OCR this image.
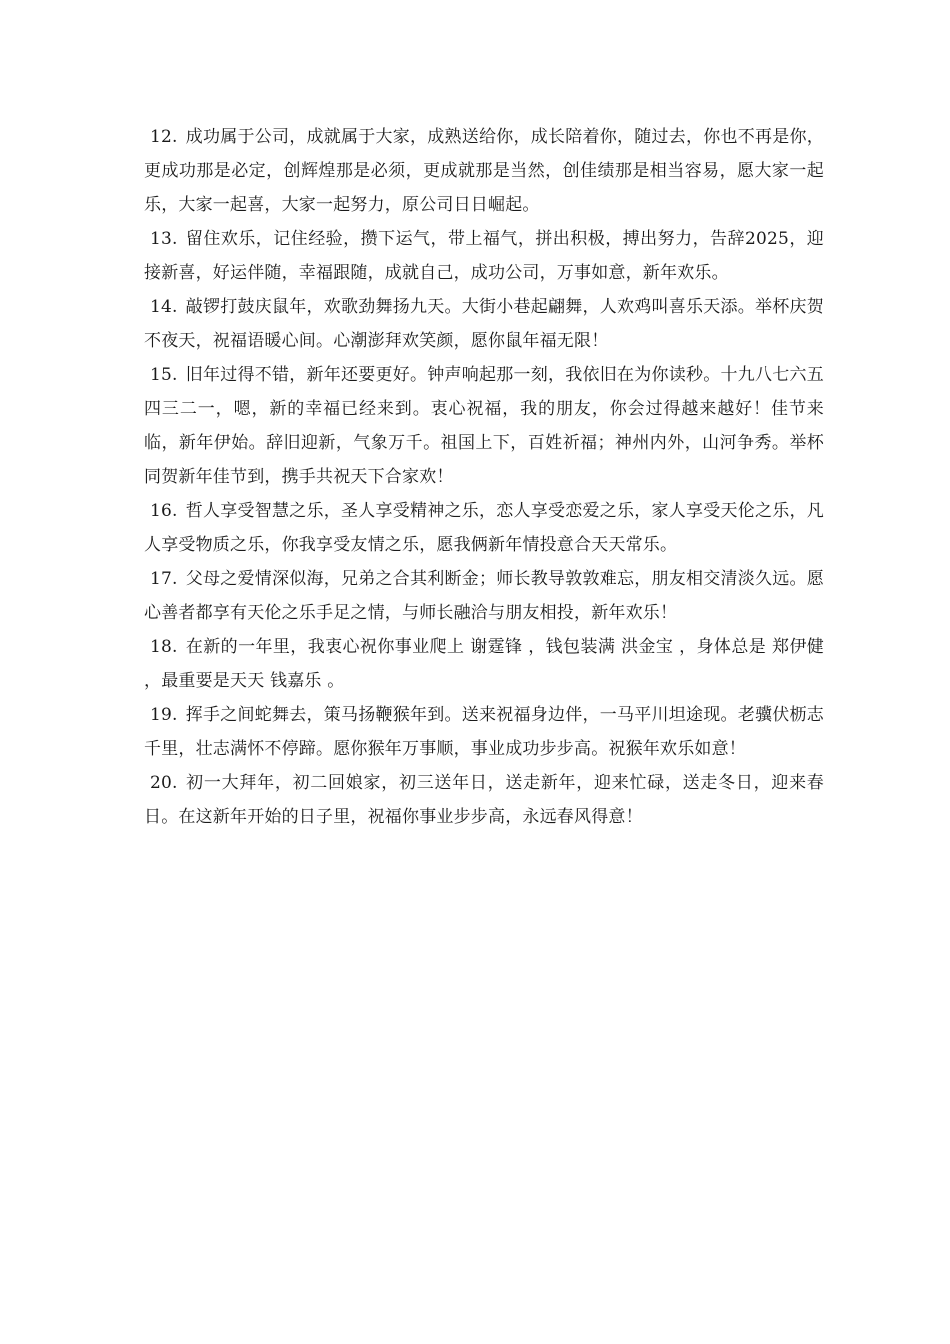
12. 成功属于公司，成就属于大家，成熟送给你，成长陪着你，随过去，你也不再是你，更成功那是必定，创辉煌那是必须，更成就那是当然，创佳绩那是相当容易，愿大家一起乐，大家一起喜，大家一起努力，原公司日日崛起。

13. 留住欢乐，记住经验，攒下运气，带上福气，拼出积极，搏出努力，告辞2025，迎接新喜，好运伴随，幸福跟随，成就自己，成功公司，万事如意，新年欢乐。

14. 敲锣打鼓庆鼠年，欢歌劲舞扬九天。大街小巷起翩舞，人欢鸡叫喜乐天添。举杯庆贺不夜天，祝福语暖心间。心潮澎拜欢笑颜，愿你鼠年福无限！

15. 旧年过得不错，新年还要更好。钟声响起那一刻，我依旧在为你读秒。十九八七六五四三二一，嗯，新的幸福已经来到。衷心祝福，我的朋友，你会过得越来越好！佳节来临，新年伊始。辞旧迎新，气象万千。祖国上下，百姓祈福；神州内外，山河争秀。举杯同贺新年佳节到，携手共祝天下合家欢！

16. 哲人享受智慧之乐，圣人享受精神之乐，恋人享受恋爱之乐，家人享受天伦之乐，凡人享受物质之乐，你我享受友情之乐，愿我俩新年情投意合天天常乐。

17. 父母之爱情深似海，兄弟之合其利断金；师长教导敦敦难忘，朋友相交清淡久远。愿心善者都享有天伦之乐手足之情，与师长融洽与朋友相投，新年欢乐！

18. 在新的一年里，我衷心祝你事业爬上 谢霆锋 ，钱包装满 洪金宝 ，身体总是 郑伊健 ，最重要是天天 钱嘉乐 。

19. 挥手之间蛇舞去，策马扬鞭猴年到。送来祝福身边伴，一马平川坦途现。老骥伏枥志千里，壮志满怀不停蹄。愿你猴年万事顺，事业成功步步高。祝猴年欢乐如意！

20. 初一大拜年，初二回娘家，初三送年日，送走新年，迎来忙碌，送走冬日，迎来春日。在这新年开始的日子里，祝福你事业步步高，永远春风得意！
